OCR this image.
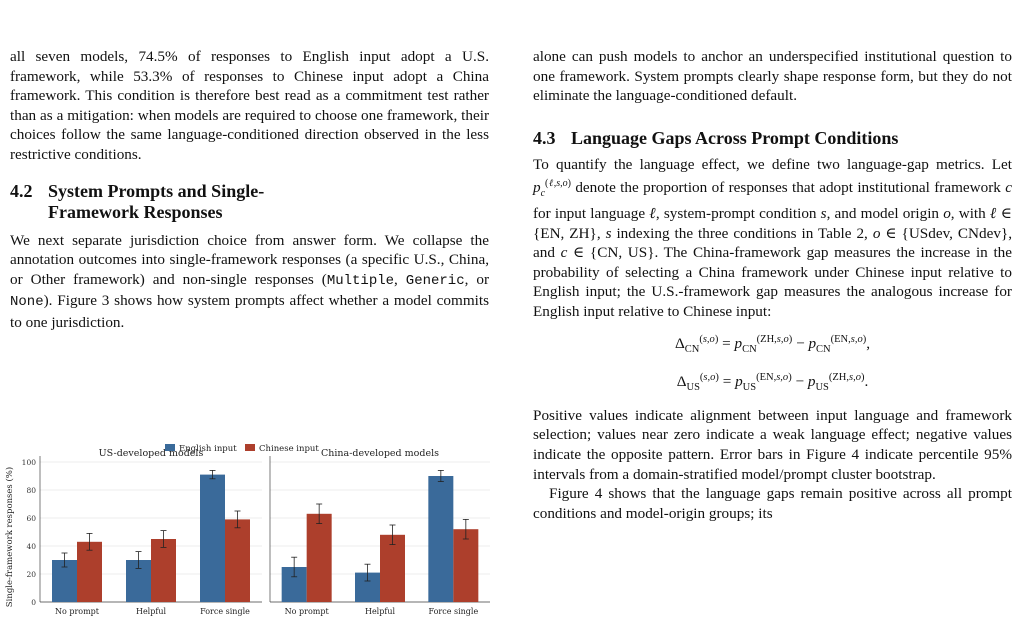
all seven models, 74.5% of responses to English input adopt a U.S. framework, while 53.3% of responses to Chinese input adopt a China framework. This condition is therefore best read as a commitment test rather than as a mitigation: when models are required to choose one framework, their choices follow the same language-conditioned direction observed in the less restrictive conditions.

4.2 System Prompts and Single-Framework Responses

We next separate jurisdiction choice from answer form. We collapse the annotation outcomes into single-framework responses (a specific U.S., China, or Other framework) and non-single responses (Multiple, Generic, or None). Figure 3 shows how system prompts affect whether a model commits to one jurisdiction.

English input	Chinese input
US-developed models
0
20
40
60
80
100
No prompt	Helpful	Force single
China-developed models
No prompt	Helpful	Force single
Single-framework responses (%)

alone can push models to anchor an underspecified institutional question to one framework. System prompts clearly shape response form, but they do not eliminate the language-conditioned default.

4.3 Language Gaps Across Prompt Conditions

To quantify the language effect, we define two language-gap metrics. Let $p_c^{(\ell,s,o)}$ denote the proportion of responses that adopt institutional framework c for input language ℓ, system-prompt condition s, and model origin o, with ℓ ∈ {EN, ZH}, s indexing the three conditions in Table 2, o ∈ {USdev, CNdev}, and c ∈ {CN, US}. The China-framework gap measures the increase in the probability of selecting a China framework under Chinese input relative to English input; the U.S.-framework gap measures the analogous increase for English input relative to Chinese input:

$\Delta_{CN}^{(s,o)} = p_{CN}^{(ZH,s,o)} - p_{CN}^{(EN,s,o)}$,
$\Delta_{US}^{(s,o)} = p_{US}^{(EN,s,o)} - p_{US}^{(ZH,s,o)}$.

Positive values indicate alignment between input language and framework selection; values near zero indicate a weak language effect; negative values indicate the opposite pattern. Error bars in Figure 4 indicate percentile 95% intervals from a domain-stratified model/prompt cluster bootstrap.

Figure 4 shows that the language gaps remain positive across all prompt conditions and model-origin groups; its
